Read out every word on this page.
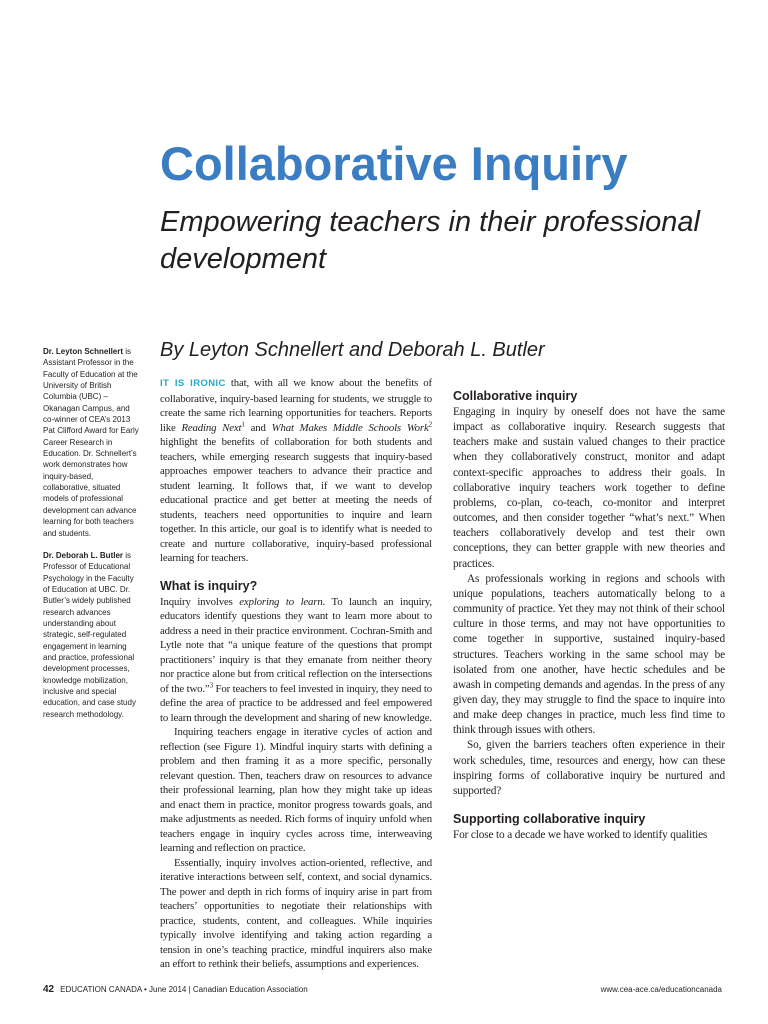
Collaborative Inquiry
Empowering teachers in their professional development
By Leyton Schnellert and Deborah L. Butler

Dr. Leyton Schnellert is Assistant Professor in the Faculty of Education at the University of British Columbia (UBC) – Okanagan Campus, and co-winner of CEA’s 2013 Pat Clifford Award for Early Career Research in Education. Dr. Schnellert’s work demonstrates how inquiry-based, collaborative, situated models of professional development can advance learning for both teachers and students.

Dr. Deborah L. Butler is Professor of Educational Psychology in the Faculty of Education at UBC. Dr. Butler’s widely published research advances understanding about strategic, self-regulated engagement in learning and practice, professional development processes, knowledge mobilization, inclusive and special education, and case study research methodology.

IT IS IRONIC that, with all we know about the benefits of collaborative, inquiry-based learning for students, we struggle to create the same rich learning opportunities for teachers. Reports like Reading Next$^1$ and What Makes Middle Schools Work$^2$ highlight the benefits of collaboration for both students and teachers, while emerging research suggests that inquiry-based approaches empower teachers to advance their practice and student learning. It follows that, if we want to develop educational practice and get better at meeting the needs of students, teachers need opportunities to inquire and learn together. In this article, our goal is to identify what is needed to create and nurture collaborative, inquiry-based professional learning for teachers.

What is inquiry?

Inquiry involves exploring to learn. To launch an inquiry, educators identify questions they want to learn more about to address a need in their practice environment. Cochran-Smith and Lytle note that “a unique feature of the questions that prompt practitioners’ inquiry is that they emanate from neither theory nor practice alone but from critical reflection on the intersections of the two.”$^3$ For teachers to feel invested in inquiry, they need to define the area of practice to be addressed and feel empowered to learn through the development and sharing of new knowledge.

Inquiring teachers engage in iterative cycles of action and reflection (see Figure 1). Mindful inquiry starts with defining a problem and then framing it as a more specific, personally relevant question. Then, teachers draw on resources to advance their professional learning, plan how they might take up ideas and enact them in practice, monitor progress towards goals, and make adjustments as needed. Rich forms of inquiry unfold when teachers engage in inquiry cycles across time, interweaving learning and reflection on practice.

Essentially, inquiry involves action-oriented, reflective, and iterative interactions between self, context, and social dynamics. The power and depth in rich forms of inquiry arise in part from teachers’ opportunities to negotiate their relationships with practice, students, content, and colleagues. While inquiries typically involve identifying and taking action regarding a tension in one’s teaching practice, mindful inquirers also make an effort to rethink their beliefs, assumptions and experiences.

Collaborative inquiry

Engaging in inquiry by oneself does not have the same impact as collaborative inquiry. Research suggests that teachers make and sustain valued changes to their practice when they collaboratively construct, monitor and adapt context-specific approaches to address their goals. In collaborative inquiry teachers work together to define problems, co-plan, co-teach, co-monitor and interpret outcomes, and then consider together “what’s next.” When teachers collaboratively develop and test their own conceptions, they can better grapple with new theories and practices.

As professionals working in regions and schools with unique populations, teachers automatically belong to a community of practice. Yet they may not think of their school culture in those terms, and may not have opportunities to come together in supportive, sustained inquiry-based structures. Teachers working in the same school may be isolated from one another, have hectic schedules and be awash in competing demands and agendas. In the press of any given day, they may struggle to find the space to inquire into and make deep changes in practice, much less find time to think through issues with others.

So, given the barriers teachers often experience in their work schedules, time, resources and energy, how can these inspiring forms of collaborative inquiry be nurtured and supported?

Supporting collaborative inquiry

For close to a decade we have worked to identify qualities

42 EDUCATION CANADA • June 2014 | Canadian Education Association	www.cea-ace.ca/educationcanada
